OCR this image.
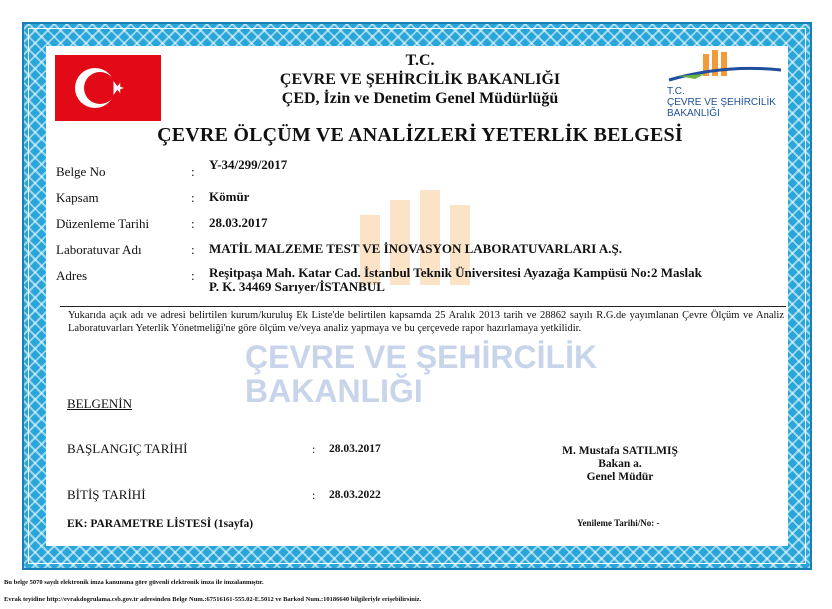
ÇEVRE VE ŞEHİRCİLİK
BAKANLIĞI
T.C.
ÇEVRE VE ŞEHİRCİLİK BAKANLIĞI
ÇED, İzin ve Denetim Genel Müdürlüğü	T.C.
ÇEVRE VE ŞEHİRCİLİK
BAKANLIĞI
ÇEVRE ÖLÇÜM VE ANALİZLERİ YETERLİK BELGESİ
Belge No	: Y-34/299/2017
Kapsam	: Kömür
Düzenleme Tarihi	: 28.03.2017
Laboratuvar Adı	: MATİL MALZEME TEST VE İNOVASYON LABORATUVARLARI A.Ş.
Adres	: Reşitpaşa Mah. Katar Cad. İstanbul Teknik Üniversitesi Ayazağa Kampüsü No:2 Maslak
P. K. 34469 Sarıyer/İSTANBUL
Yukarıda açık adı ve adresi belirtilen kurum/kuruluş Ek Liste'de belirtilen kapsamda 25 Aralık 2013 tarih ve 28862 sayılı R.G.de yayımlanan Çevre Ölçüm ve Analiz Laboratuvarları Yeterlik Yönetmeliği'ne göre ölçüm ve/veya analiz yapmaya ve bu çerçevede rapor hazırlamaya yetkilidir.
BELGENİN
BAŞLANGIÇ TARİHİ	: 28.03.2017
BİTİŞ TARİHİ	: 28.03.2022
M. Mustafa SATILMIŞ
Bakan a.
Genel Müdür
EK: PARAMETRE LİSTESİ (1sayfa)	Yenileme Tarihi/No: -
Bu belge 5070 sayılı elektronik imza kanununa göre güvenli elektronik imza ile imzalanmıştır.
Evrak teyidine http://evrakdogrulama.csb.gov.tr adresinden Belge Num.:67516161-555.02-E.5012 ve Barkod Num.:10186640 bilgileriyle erişebilirsiniz.
